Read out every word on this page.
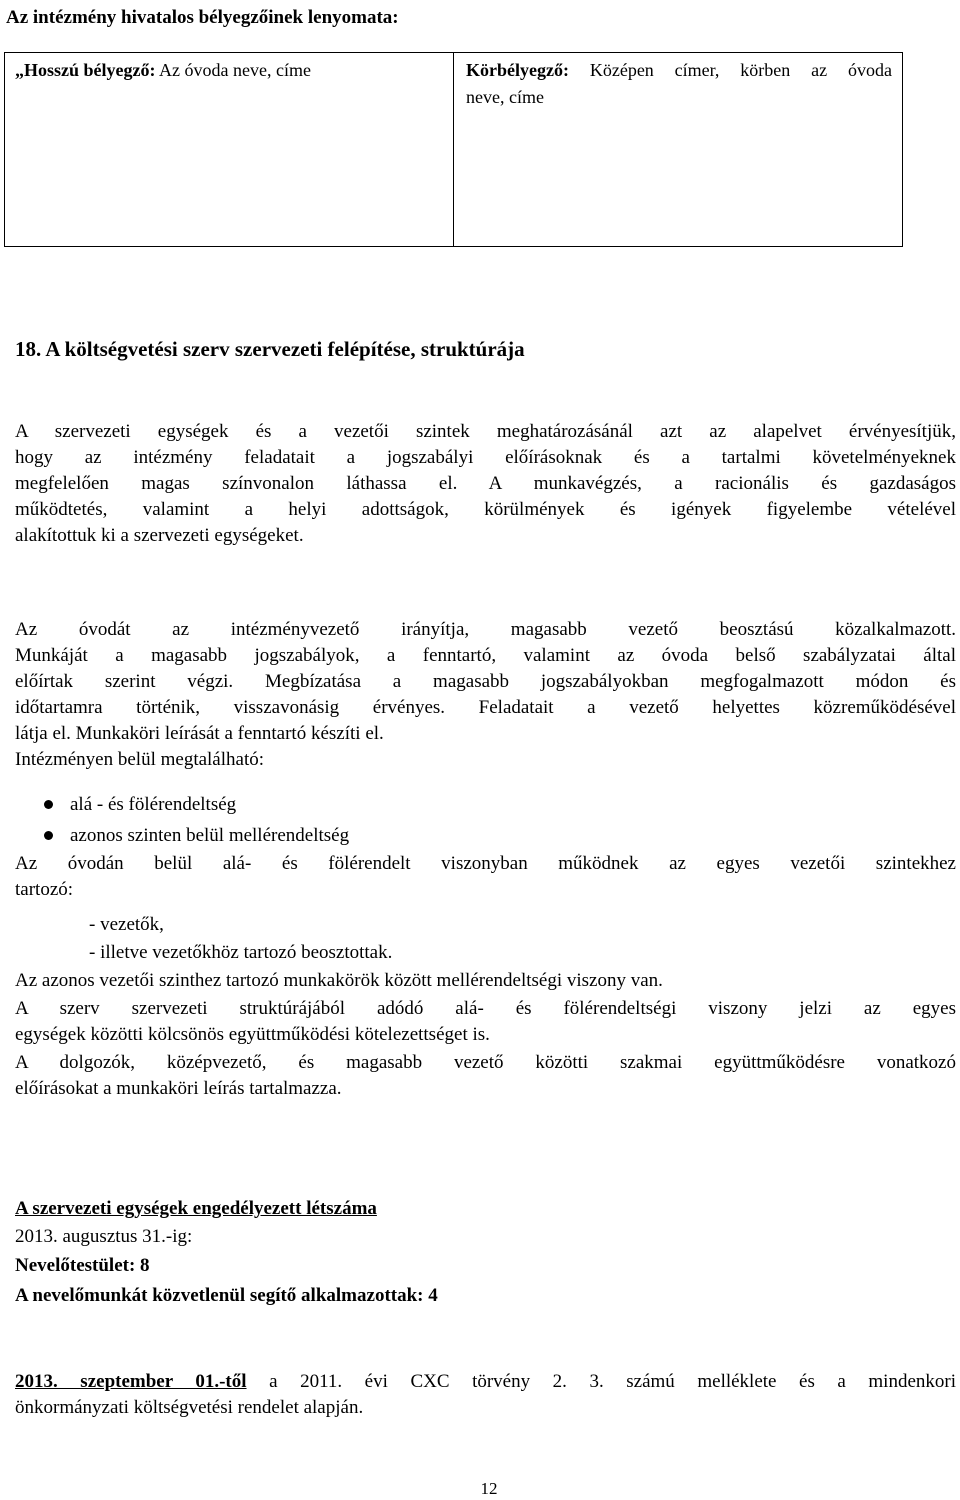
Az intézmény hivatalos bélyegzőinek lenyomata:
„Hosszú bélyegző: Az óvoda neve, címe	Körbélyegző: Középen címer, körben az óvoda
neve, címe
18. A költségvetési szerv szervezeti felépítése, struktúrája

A szervezeti egységek és a vezetői szintek meghatározásánál azt az alapelvet érvényesítjük,

hogy az intézmény feladatait a jogszabályi előírásoknak és a tartalmi követelményeknek

megfelelően magas színvonalon láthassa el. A munkavégzés, a racionális és gazdaságos

működtetés, valamint a helyi adottságok, körülmények és igények figyelembe vételével

alakítottuk ki a szervezeti egységeket.

Az óvodát az intézményvezető irányítja, magasabb vezető beosztású közalkalmazott.

Munkáját a magasabb jogszabályok, a fenntartó, valamint az óvoda belső szabályzatai által

előírtak szerint végzi. Megbízatása a magasabb jogszabályokban megfogalmazott módon és

időtartamra történik, visszavonásig érvényes. Feladatait a vezető helyettes közreműködésével

látja el. Munkaköri leírását a fenntartó készíti el.

Intézményen belül megtalálható:

alá - és fölérendeltség
azonos szinten belül mellérendeltség

Az óvodán belül alá- és fölérendelt viszonyban működnek az egyes vezetői szintekhez

tartozó:

- vezetők,
- illetve vezetőkhöz tartozó beosztottak.

Az azonos vezetői szinthez tartozó munkakörök között mellérendeltségi viszony van.

A szerv szervezeti struktúrájából adódó alá- és fölérendeltségi viszony jelzi az egyes

egységek közötti kölcsönös együttműködési kötelezettséget is.

A dolgozók, középvezető, és magasabb vezető közötti szakmai együttműködésre vonatkozó

előírásokat a munkaköri leírás tartalmazza.

A szervezeti egységek engedélyezett létszáma
2013. augusztus 31.-ig:
Nevelőtestület: 8
A nevelőmunkát közvetlenül segítő alkalmazottak: 4
2013. szeptember 01.-től a 2011. évi CXC törvény 2. 3. számú melléklete és a mindenkori
önkormányzati költségvetési rendelet alapján.
12
